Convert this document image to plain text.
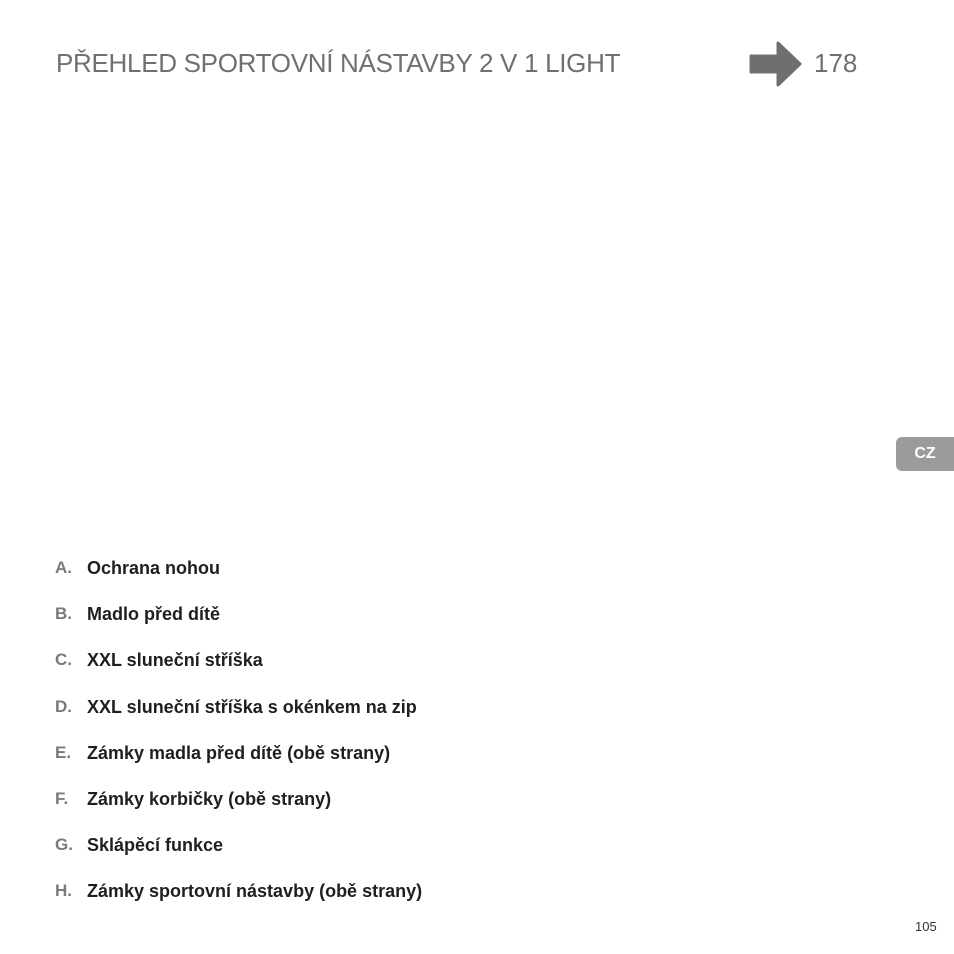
PŘEHLED SPORTOVNÍ NÁSTAVBY 2 V 1 LIGHT	178
CZ
A. Ochrana nohou
B. Madlo před dítě
C. XXL sluneční stříška
D. XXL sluneční stříška s okénkem na zip
E. Zámky madla před dítě (obě strany)
F.	Zámky korbičky (obě strany)
G. Sklápěcí funkce
H. Zámky sportovní nástavby (obě strany)
105
